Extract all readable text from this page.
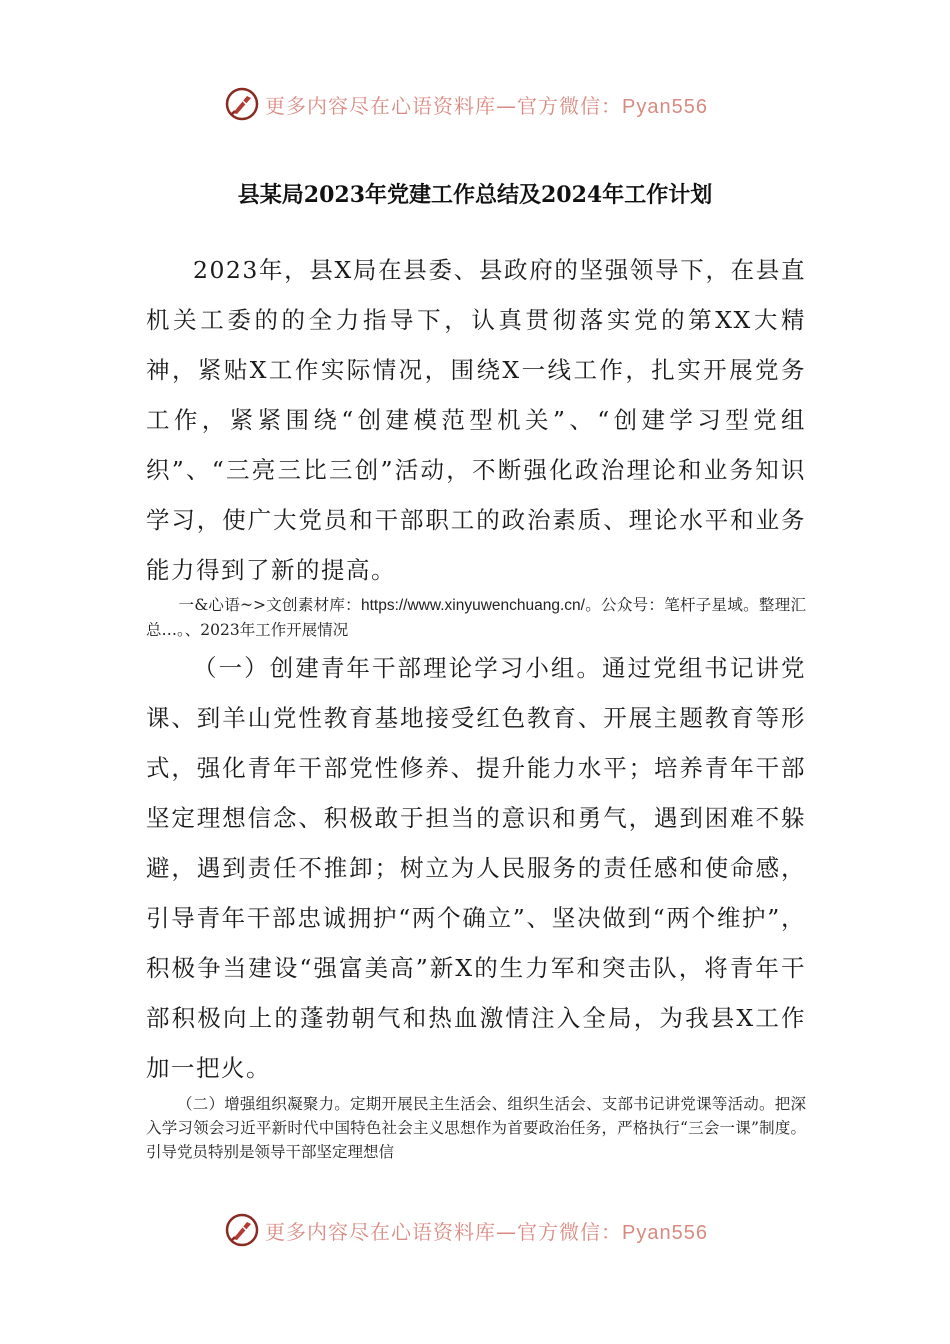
更多内容尽在心语资料库—官方微信：Pyan556
县某局2023年党建工作总结及2024年工作计划

2023年，县X局在县委、县政府的坚强领导下，在县直机关工委的的全力指导下，认真贯彻落实党的第XX大精神，紧贴X工作实际情况，围绕X一线工作，扎实开展党务工作，紧紧围绕“创建模范型机关”、“创建学习型党组织”、“三亮三比三创”活动，不断强化政治理论和业务知识学习，使广大党员和干部职工的政治素质、理论水平和业务能力得到了新的提高。

一&心语~>文创素材库：https://www.xinyuwenchuang.cn/。公众号：笔杆子星域。整理汇总…。、2023年工作开展情况

（一）创建青年干部理论学习小组。通过党组书记讲党课、到羊山党性教育基地接受红色教育、开展主题教育等形式，强化青年干部党性修养、提升能力水平；培养青年干部坚定理想信念、积极敢于担当的意识和勇气，遇到困难不躲避，遇到责任不推卸；树立为人民服务的责任感和使命感，引导青年干部忠诚拥护“两个确立”、坚决做到“两个维护”，积极争当建设“强富美高”新X的生力军和突击队，将青年干部积极向上的蓬勃朝气和热血激情注入全局，为我县X工作加一把火。

（二）增强组织凝聚力。定期开展民主生活会、组织生活会、支部书记讲党课等活动。把深入学习领会习近平新时代中国特色社会主义思想作为首要政治任务，严格执行“三会一课”制度。引导党员特别是领导干部坚定理想信

更多内容尽在心语资料库—官方微信：Pyan556
